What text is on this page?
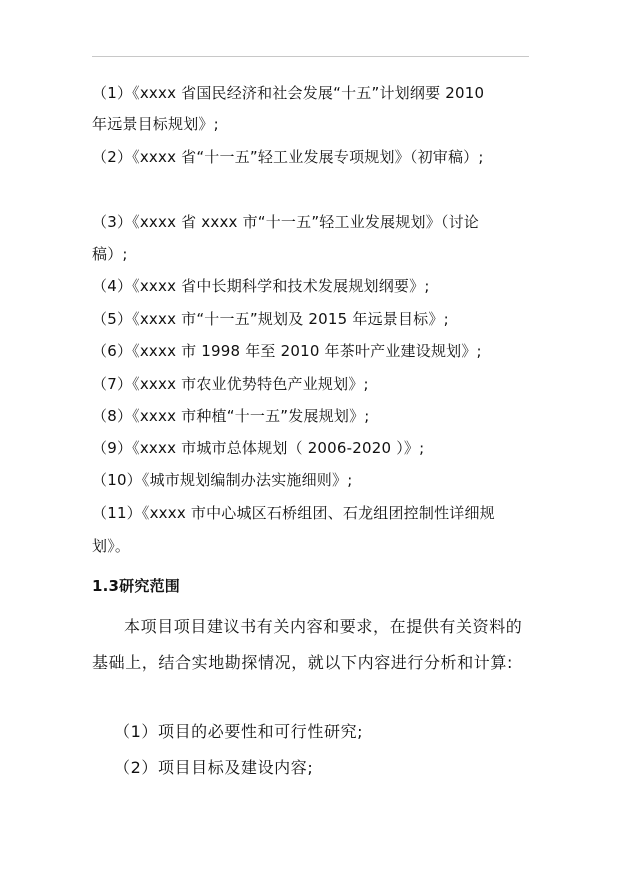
（1）《xxxx 省国民经济和社会发展“十五”计划纲要 2010
年远景目标规划》;
（2）《xxxx 省“十一五”轻工业发展专项规划》（初审稿）;
（3）《xxxx 省 xxxx 市“十一五”轻工业发展规划》（讨论
稿）;
（4）《xxxx 省中长期科学和技术发展规划纲要》;
（5）《xxxx 市“十一五”规划及 2015 年远景目标》;
（6）《xxxx 市 1998 年至 2010 年茶叶产业建设规划》;
（7）《xxxx 市农业优势特色产业规划》;
（8）《xxxx 市种植“十一五”发展规划》;
（9）《xxxx 市城市总体规划（ 2006-2020 ）》;
（10）《城市规划编制办法实施细则》;
（11）《xxxx 市中心城区石桥组团、石龙组团控制性详细规
划》。
1.3研究范围
本项目项目建议书有关内容和要求，在提供有关资料的
基础上，结合实地勘探情况，就以下内容进行分析和计算:
（1）项目的必要性和可行性研究;
（2）项目目标及建设内容;
